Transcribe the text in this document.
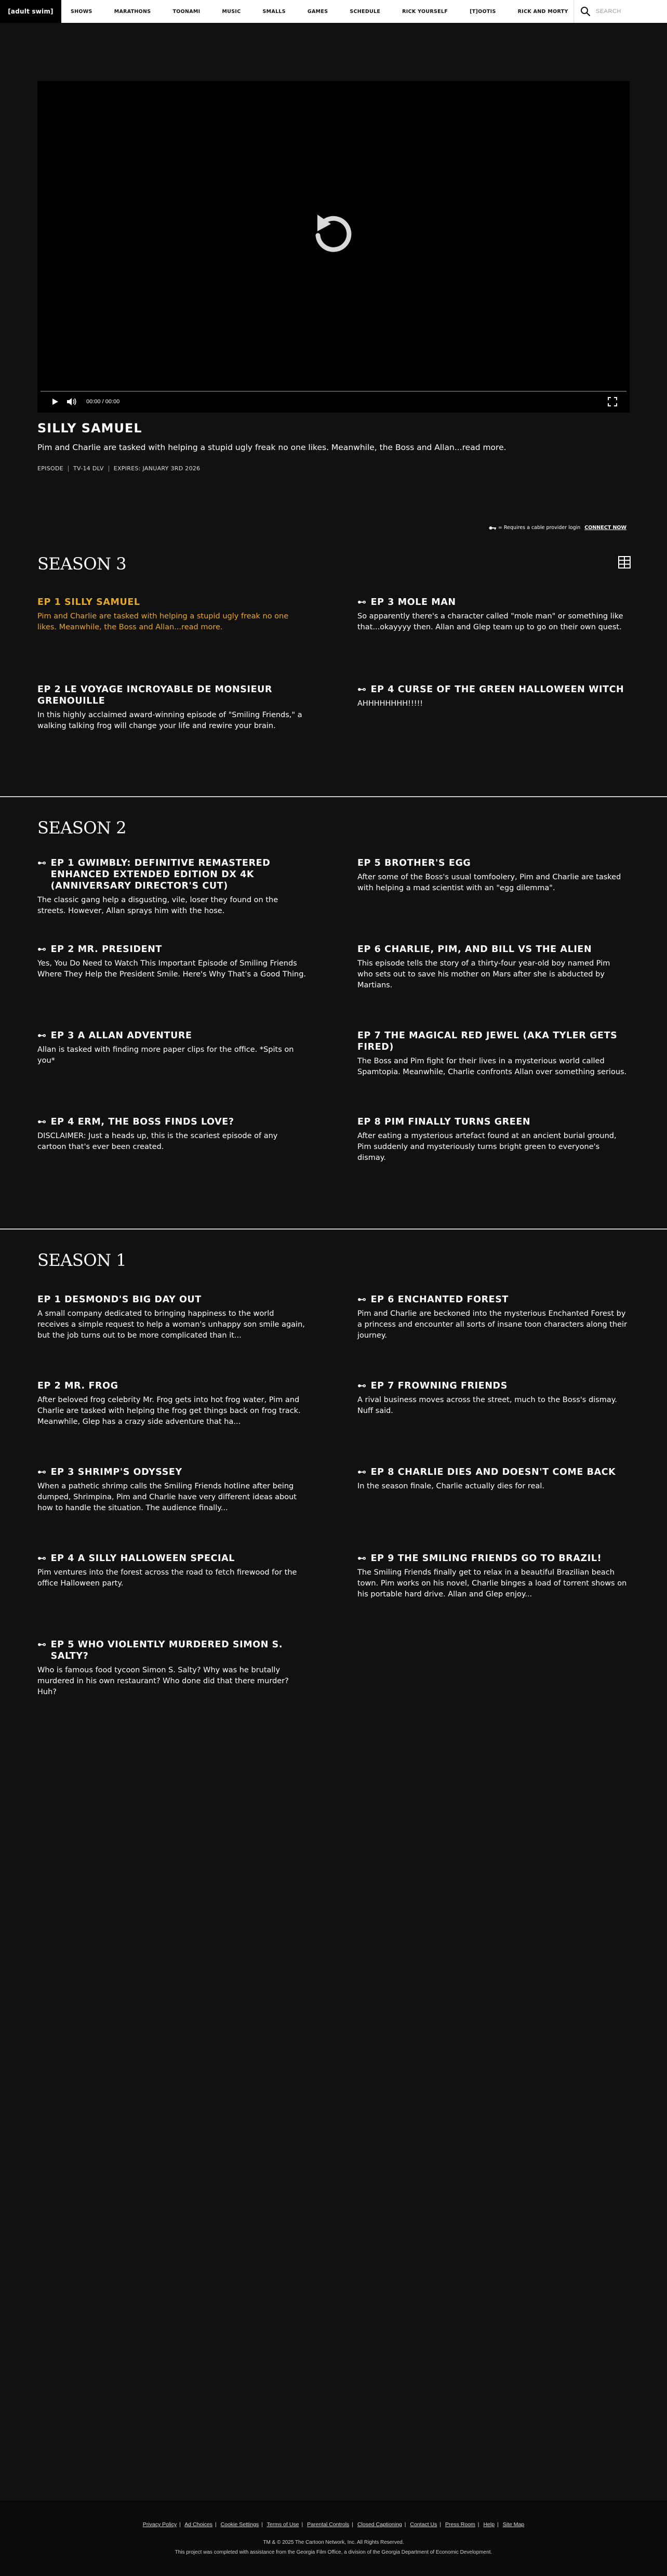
[adult swim]	SHOWS	MARATHONS	TOONAMI	MUSIC	SMALLS	GAMES	SCHEDULE	RICK YOURSELF	[T]OOTIS	RICK AND MORTY
SEARCH
00:00 / 00:00
SILLY SAMUEL
Pim and Charlie are tasked with helping a stupid ugly freak no one likes. Meanwhile, the Boss and Allan...read more.
EPISODE TV-14 DLV EXPIRES: JANUARY 3RD 2026
= Requires a cable provider login CONNECT NOW
SEASON 3
EP 1 SILLY SAMUEL
Pim and Charlie are tasked with helping a stupid ugly freak no one likes. Meanwhile, the Boss and Allan...read more.
⊷ EP 3 MOLE MAN
So apparently there's a character called "mole man" or something like that...okayyyy then. Allan and Glep team up to go on their own quest.
EP 2 LE VOYAGE INCROYABLE DE MONSIEUR GRENOUILLE
In this highly acclaimed award-winning episode of "Smiling Friends," a walking talking frog will change your life and rewire your brain.
⊷ EP 4 CURSE OF THE GREEN HALLOWEEN WITCH
AHHHHHHHH!!!!!
SEASON 2
⊷ EP 1 GWIMBLY: DEFINITIVE REMASTERED ENHANCED EXTENDED EDITION DX 4K (ANNIVERSARY DIRECTOR'S CUT)
The classic gang help a disgusting, vile, loser they found on the streets. However, Allan sprays him with the hose.
EP 5 BROTHER'S EGG
After some of the Boss's usual tomfoolery, Pim and Charlie are tasked with helping a mad scientist with an "egg dilemma".
⊷ EP 2 MR. PRESIDENT
Yes, You Do Need to Watch This Important Episode of Smiling Friends Where They Help the President Smile. Here's Why That's a Good Thing.
EP 6 CHARLIE, PIM, AND BILL VS THE ALIEN
This episode tells the story of a thirty-four year-old boy named Pim who sets out to save his mother on Mars after she is abducted by Martians.
⊷ EP 3 A ALLAN ADVENTURE
Allan is tasked with finding more paper clips for the office. *Spits on you*
EP 7 THE MAGICAL RED JEWEL (AKA TYLER GETS FIRED)
The Boss and Pim fight for their lives in a mysterious world called Spamtopia. Meanwhile, Charlie confronts Allan over something serious.
⊷ EP 4 ERM, THE BOSS FINDS LOVE?
DISCLAIMER: Just a heads up, this is the scariest episode of any cartoon that's ever been created.
EP 8 PIM FINALLY TURNS GREEN
After eating a mysterious artefact found at an ancient burial ground, Pim suddenly and mysteriously turns bright green to everyone's dismay.
SEASON 1
EP 1 DESMOND'S BIG DAY OUT
A small company dedicated to bringing happiness to the world receives a simple request to help a woman's unhappy son smile again, but the job turns out to be more complicated than it...
⊷ EP 6 ENCHANTED FOREST
Pim and Charlie are beckoned into the mysterious Enchanted Forest by a princess and encounter all sorts of insane toon characters along their journey.
EP 2 MR. FROG
After beloved frog celebrity Mr. Frog gets into hot frog water, Pim and Charlie are tasked with helping the frog get things back on frog track. Meanwhile, Glep has a crazy side adventure that ha...
⊷ EP 7 FROWNING FRIENDS
A rival business moves across the street, much to the Boss's dismay. Nuff said.
⊷ EP 3 SHRIMP'S ODYSSEY
When a pathetic shrimp calls the Smiling Friends hotline after being dumped, Shrimpina, Pim and Charlie have very different ideas about how to handle the situation. The audience finally...
⊷ EP 8 CHARLIE DIES AND DOESN'T COME BACK
In the season finale, Charlie actually dies for real.
⊷ EP 4 A SILLY HALLOWEEN SPECIAL
Pim ventures into the forest across the road to fetch firewood for the office Halloween party.
⊷ EP 9 THE SMILING FRIENDS GO TO BRAZIL!
The Smiling Friends finally get to relax in a beautiful Brazilian beach town. Pim works on his novel, Charlie binges a load of torrent shows on his portable hard drive. Allan and Glep enjoy...
⊷ EP 5 WHO VIOLENTLY MURDERED SIMON S. SALTY?
Who is famous food tycoon Simon S. Salty? Why was he brutally murdered in his own restaurant? Who done did that there murder? Huh?
Privacy Policy | Ad Choices | Cookie Settings | Terms of Use | Parental Controls | Closed Captioning | Contact Us | Press Room | Help | Site Map
TM & © 2025 The Cartoon Network, Inc. All Rights Reserved.
This project was completed with assistance from the Georgia Film Office, a division of the Georgia Department of Economic Development.
